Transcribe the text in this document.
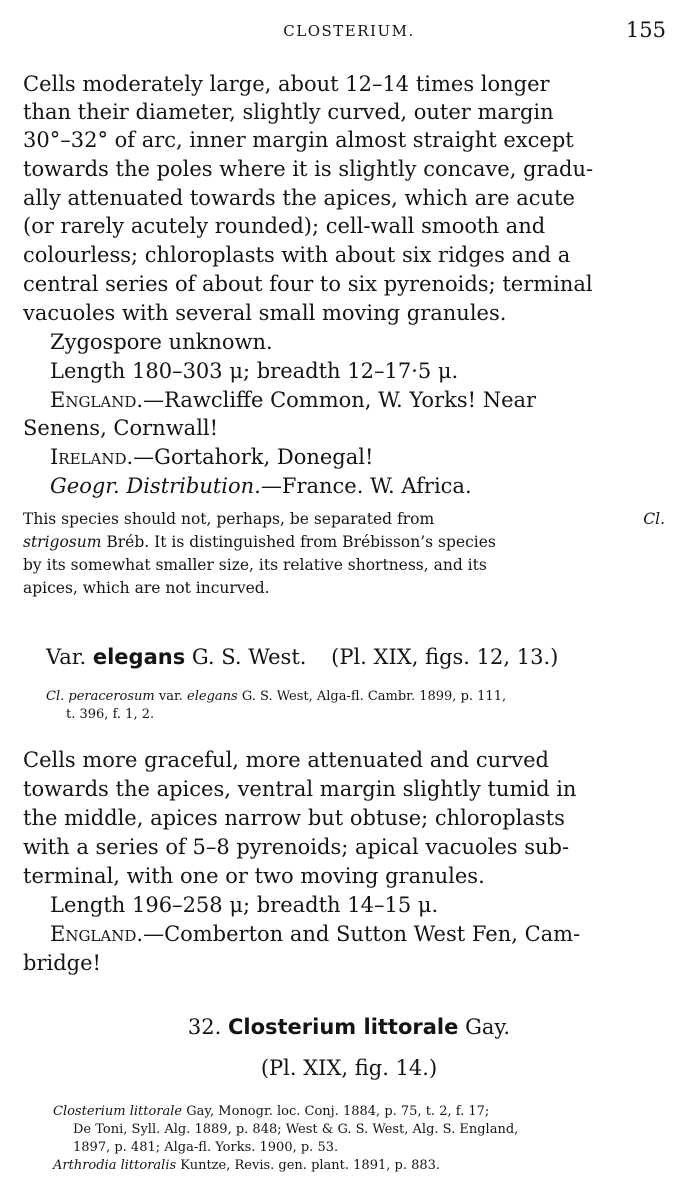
CLOSTERIUM.	155
Cells moderately large, about 12–14 times longer
than their diameter, slightly curved, outer margin
30°–32° of arc, inner margin almost straight except
towards the poles where it is slightly concave, gradu-
ally attenuated towards the apices, which are acute
(or rarely acutely rounded); cell-wall smooth and
colourless; chloroplasts with about six ridges and a
central series of about four to six pyrenoids; terminal
vacuoles with several small moving granules.
Zygospore unknown.
Length 180–303 μ; breadth 12–17·5 μ.
England.—Rawcliffe Common, W. Yorks! Near
Senens, Cornwall!
Ireland.—Gortahork, Donegal!
Geogr. Distribution.—France. W. Africa.
This species should not, perhaps, be separated from	Cl.
strigosum Bréb. It is distinguished from Brébisson’s species
by its somewhat smaller size, its relative shortness, and its
apices, which are not incurved.
Var. elegans G. S. West. (Pl. XIX, figs. 12, 13.)
Cl. peracerosum var. elegans G. S. West, Alga-fl. Cambr. 1899, p. 111,
t. 396, f. 1, 2.
Cells more graceful, more attenuated and curved
towards the apices, ventral margin slightly tumid in
the middle, apices narrow but obtuse; chloroplasts
with a series of 5–8 pyrenoids; apical vacuoles sub-
terminal, with one or two moving granules.
Length 196–258 μ; breadth 14–15 μ.
England.—Comberton and Sutton West Fen, Cam-
bridge!
32. Closterium littorale Gay.
(Pl. XIX, fig. 14.)
Closterium littorale Gay, Monogr. loc. Conj. 1884, p. 75, t. 2, f. 17;
De Toni, Syll. Alg. 1889, p. 848; West & G. S. West, Alg. S. England,
1897, p. 481; Alga-fl. Yorks. 1900, p. 53.
Arthrodia littoralis Kuntze, Revis. gen. plant. 1891, p. 883.
